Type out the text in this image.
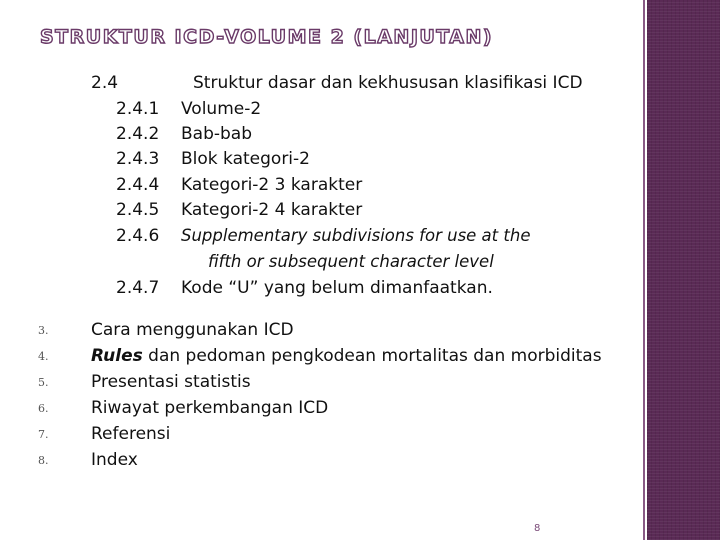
STRUKTUR ICD-VOLUME 2 (LANJUTAN)
2.4	Struktur dasar dan kekhususan klasifikasi ICD
2.4.1 Volume-2
2.4.2 Bab-bab
2.4.3 Blok kategori-2
2.4.4 Kategori-2 3 karakter
2.4.5 Kategori-2 4 karakter
2.4.6 Supplementary subdivisions for use at the
fifth or subsequent character level
2.4.7 Kode “U” yang belum dimanfaatkan.
3.	Cara menggunakan ICD
4.	Rules dan pedoman pengkodean mortalitas dan morbiditas
5.	Presentasi statistis
6.	Riwayat perkembangan ICD
7.	Referensi
8.	Index
8
